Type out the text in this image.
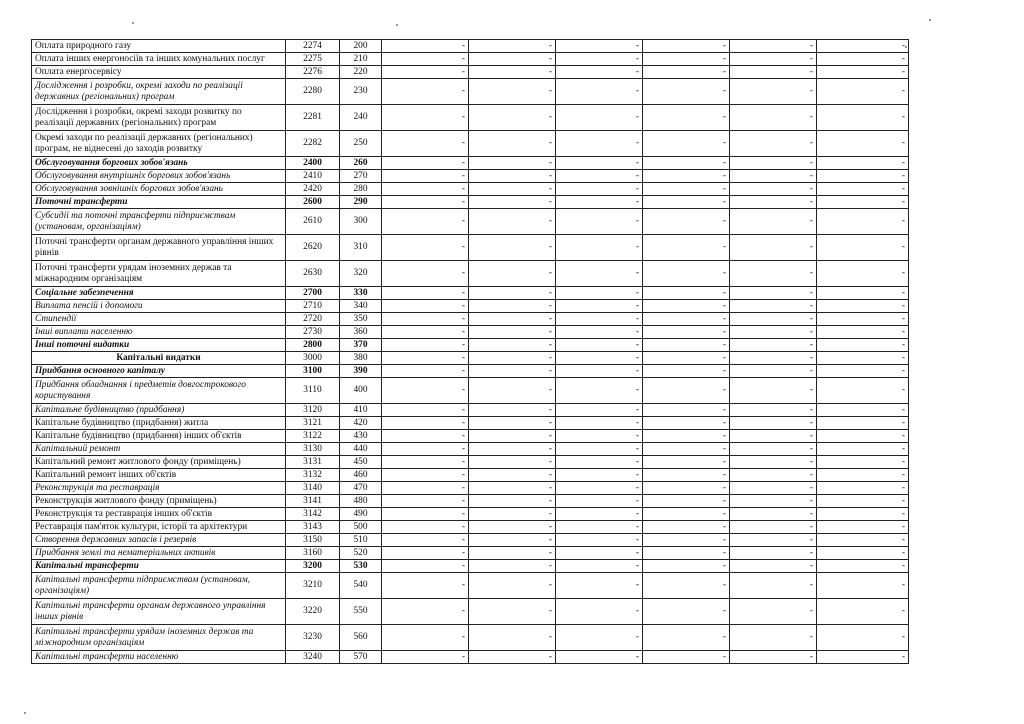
Оплата природного газу	2274	200	-	-	-	-	-	-
Оплата інших енергоносіїв та інших комунальних послуг	2275	210	-	-	-	-	-	-
Оплата енергосервісу	2276	220	-	-	-	-	-	-
Дослідження і розробки, окремі заходи по реалізації державних (регіональних) програм	2280	230	-	-	-	-	-	-
Дослідження і розробки, окремі заходи розвитку по реалізації державних (регіональних) програм	2281	240	-	-	-	-	-	-
Окремі заходи по реалізації державних (регіональних) програм, не віднесені до заходів розвитку	2282	250	-	-	-	-	-	-
Обслуговування боргових зобов'язань	2400	260	-	-	-	-	-	-
Обслуговування внутрішніх боргових зобов'язань	2410	270	-	-	-	-	-	-
Обслуговування зовнішніх боргових зобов'язань	2420	280	-	-	-	-	-	-
Поточні трансферти	2600	290	-	-	-	-	-	-
Субсидії та поточні трансферти підприємствам (установам, організаціям)	2610	300	-	-	-	-	-	-
Поточні трансферти органам державного управління інших рівнів	2620	310	-	-	-	-	-	-
Поточні трансферти урядам іноземних держав та міжнародним організаціям	2630	320	-	-	-	-	-	-
Соціальне забезпечення	2700	330	-	-	-	-	-	-
Виплата пенсій і допомоги	2710	340	-	-	-	-	-	-
Стипендії	2720	350	-	-	-	-	-	-
Інші виплати населенню	2730	360	-	-	-	-	-	-
Інші поточні видатки	2800	370	-	-	-	-	-	-
Капітальні видатки	3000	380	-	-	-	-	-	-
Придбання основного капіталу	3100	390	-	-	-	-	-	-
Придбання обладнання і предметів довгострокового користування	3110	400	-	-	-	-	-	-
Капітальне будівництво (придбання)	3120	410	-	-	-	-	-	-
Капітальне будівництво (придбання) житла	3121	420	-	-	-	-	-	-
Капітальне будівництво (придбання) інших об'єктів	3122	430	-	-	-	-	-	-
Капітальний ремонт	3130	440	-	-	-	-	-	-
Капітальний ремонт житлового фонду (приміщень)	3131	450	-	-	-	-	-	-
Капітальний ремонт інших об'єктів	3132	460	-	-	-	-	-	-
Реконструкція та реставрація	3140	470	-	-	-	-	-	-
Реконструкція житлового фонду (приміщень)	3141	480	-	-	-	-	-	-
Реконструкція та реставрація інших об'єктів	3142	490	-	-	-	-	-	-
Реставрація пам'яток культури, історії та архітектури	3143	500	-	-	-	-	-	-
Створення державних запасів і резервів	3150	510	-	-	-	-	-	-
Придбання землі та нематеріальних активів	3160	520	-	-	-	-	-	-
Капітальні трансферти	3200	530	-	-	-	-	-	-
Капітальні трансферти підприємствам (установам, організаціям)	3210	540	-	-	-	-	-	-
Капітальні трансферти органам державного управління інших рівнів	3220	550	-	-	-	-	-	-
Капітальні трансферти урядам іноземних держав та міжнародним організаціям	3230	560	-	-	-	-	-	-
Капітальні трансферти населенню	3240	570	-	-	-	-	-	-
